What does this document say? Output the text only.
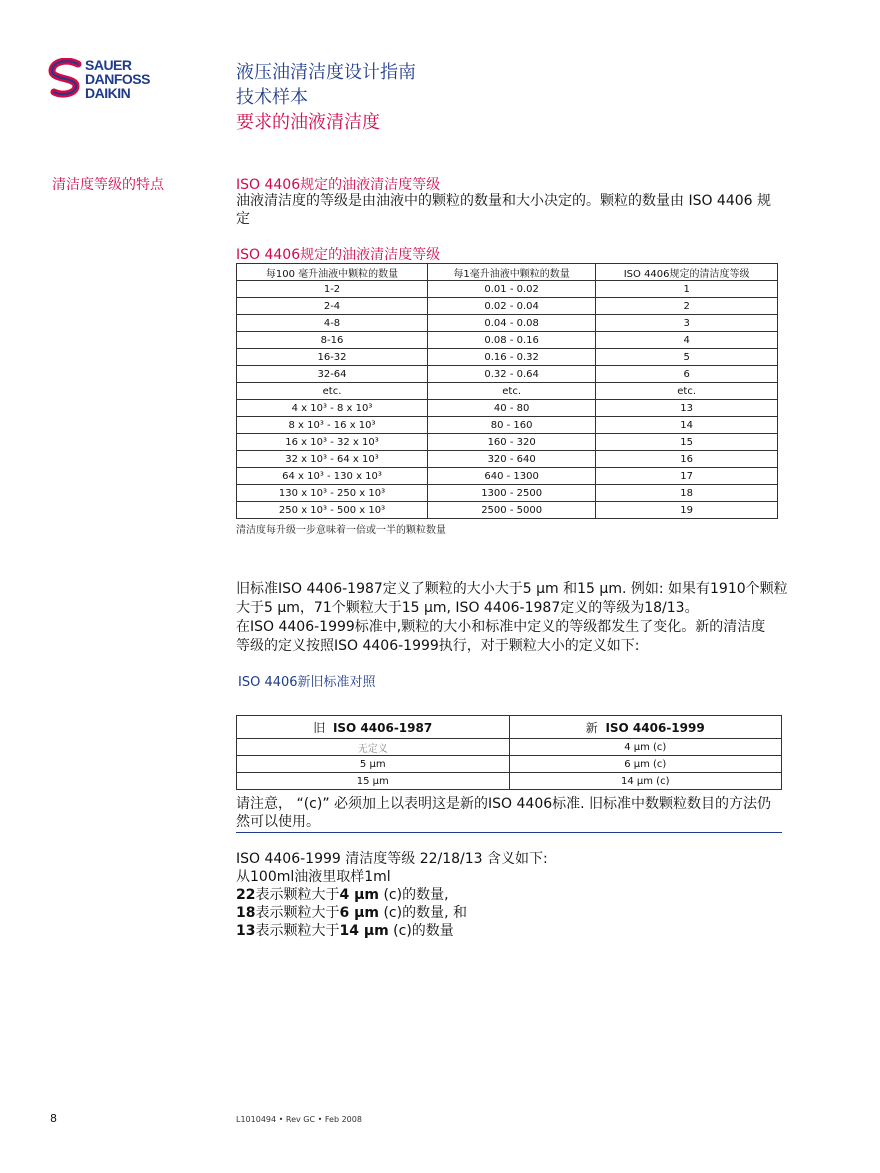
SAUER
DANFOSS
DAIKIN
液压油清洁度设计指南
技术样本
要求的油液清洁度
清洁度等级的特点	ISO 4406规定的油液清洁度等级
油液清洁度的等级是由油液中的颗粒的数量和大小决定的。颗粒的数量由 ISO 4406 规定
ISO 4406规定的油液清洁度等级
每100 毫升油液中颗粒的数量	每1毫升油液中颗粒的数量	ISO 4406规定的清洁度等级
1-2	0.01 - 0.02	1
2-4	0.02 - 0.04	2
4-8	0.04 - 0.08	3
8-16	0.08 - 0.16	4
16-32	0.16 - 0.32	5
32-64	0.32 - 0.64	6
etc.	etc.	etc.
4 x 10³ - 8 x 10³	40 - 80	13
8 x 10³ - 16 x 10³	80 - 160	14
16 x 10³ - 32 x 10³	160 - 320	15
32 x 10³ - 64 x 10³	320 - 640	16
64 x 10³ - 130 x 10³	640 - 1300	17
130 x 10³ - 250 x 10³	1300 - 2500	18
250 x 10³ - 500 x 10³	2500 - 5000	19
清洁度每升级一步意味着一倍或一半的颗粒数量
旧标准ISO 4406-1987定义了颗粒的大小大于5 μm 和15 μm. 例如: 如果有1910个颗粒
大于5 μm，71个颗粒大于15 μm, ISO 4406-1987定义的等级为18/13。
在ISO 4406-1999标准中,颗粒的大小和标准中定义的等级都发生了变化。新的清洁度
等级的定义按照ISO 4406-1999执行，对于颗粒大小的定义如下:
ISO 4406新旧标准对照
旧 ISO 4406-1987	新 ISO 4406-1999
无定义	4 μm (c)
5 μm	6 μm (c)
15 μm	14 μm (c)
请注意， “(c)” 必须加上以表明这是新的ISO 4406标准. 旧标准中数颗粒数目的方法仍
然可以使用。
ISO 4406-1999 清洁度等级 22/18/13 含义如下:
从100ml油液里取样1ml
22表示颗粒大于4 μm (c)的数量,
18表示颗粒大于6 μm (c)的数量, 和
13表示颗粒大于14 μm (c)的数量
8	L1010494 • Rev GC • Feb 2008
